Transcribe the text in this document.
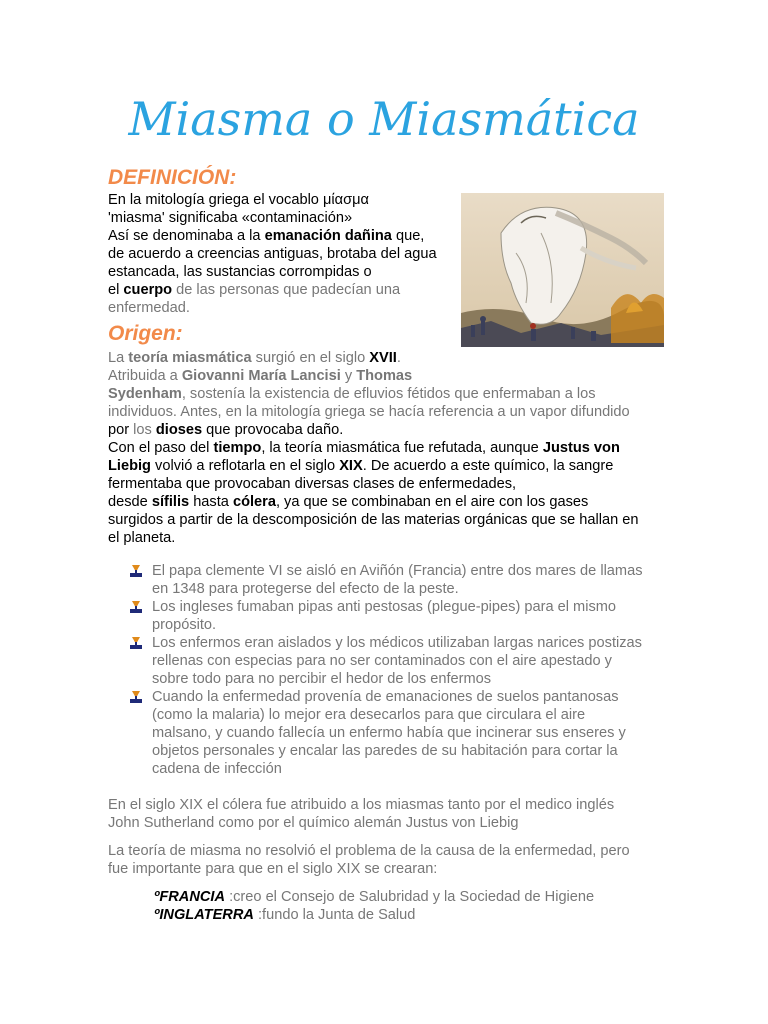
Miasma o Miasmática
DEFINICIÓN:
En la mitología griega el vocablo μίασμα
'miasma' significaba «contaminación»
Así se denominaba a la emanación dañina que,
de acuerdo a creencias antiguas, brotaba del agua
estancada, las sustancias corrompidas o
el cuerpo de las personas que padecían una
enfermedad.
Origen:
La teoría miasmática surgió en el siglo XVII.
Atribuida a Giovanni María Lancisi y Thomas
Sydenham, sostenía la existencia de efluvios fétidos que enfermaban a los
individuos. Antes, en la mitología griega se hacía referencia a un vapor difundido
por los dioses que provocaba daño.
Con el paso del tiempo, la teoría miasmática fue refutada, aunque Justus von
Liebig volvió a reflotarla en el siglo XIX. De acuerdo a este químico, la sangre
fermentaba que provocaban diversas clases de enfermedades,
desde sífilis hasta cólera, ya que se combinaban en el aire con los gases
surgidos a partir de la descomposición de las materias orgánicas que se hallan en
el planeta.
El papa clemente VI se aisló en Aviñón (Francia) entre dos mares de llamas
en 1348 para protegerse del efecto de la peste.
Los ingleses fumaban pipas anti pestosas (plegue-pipes) para el mismo
propósito.
Los enfermos eran aislados y los médicos utilizaban largas narices postizas
rellenas con especias para no ser contaminados con el aire apestado y
sobre todo para no percibir el hedor de los enfermos
Cuando la enfermedad provenía de emanaciones de suelos pantanosas
(como la malaria) lo mejor era desecarlos para que circulara el aire
malsano, y cuando fallecía un enfermo había que incinerar sus enseres y
objetos personales y encalar las paredes de su habitación para cortar la
cadena de infección
En el siglo XIX el cólera fue atribuido a los miasmas tanto por el medico inglés
John Sutherland como por el químico alemán Justus von Liebig
La teoría de miasma no resolvió el problema de la causa de la enfermedad, pero
fue importante para que en el siglo XIX se crearan:
ºFRANCIA :creo el Consejo de Salubridad y la Sociedad de Higiene
ºINGLATERRA :fundo la Junta de Salud
